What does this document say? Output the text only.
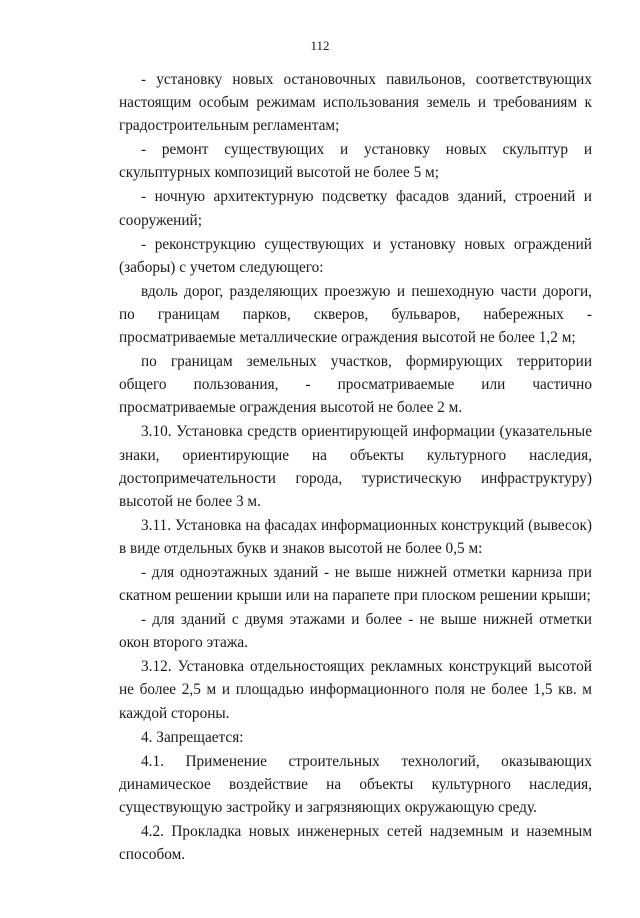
112

- установку новых остановочных павильонов, соответствующих настоящим особым режимам использования земель и требованиям к градостроительным регламентам;

- ремонт существующих и установку новых скульптур и скульптурных композиций высотой не более 5 м;

- ночную архитектурную подсветку фасадов зданий, строений и сооружений;

- реконструкцию существующих и установку новых ограждений (заборы) с учетом следующего:

вдоль дорог, разделяющих проезжую и пешеходную части дороги, по границам парков, скверов, бульваров, набережных - просматриваемые металлические ограждения высотой не более 1,2 м;

по границам земельных участков, формирующих территории общего пользования, - просматриваемые или частично просматриваемые ограждения высотой не более 2 м.

3.10. Установка средств ориентирующей информации (указательные знаки, ориентирующие на объекты культурного наследия, достопримечательности города, туристическую инфраструктуру) высотой не более 3 м.

3.11. Установка на фасадах информационных конструкций (вывесок) в виде отдельных букв и знаков высотой не более 0,5 м:

- для одноэтажных зданий - не выше нижней отметки карниза при скатном решении крыши или на парапете при плоском решении крыши;

- для зданий с двумя этажами и более - не выше нижней отметки окон второго этажа.

3.12. Установка отдельностоящих рекламных конструкций высотой не более 2,5 м и площадью информационного поля не более 1,5 кв. м каждой стороны.

4. Запрещается:

4.1. Применение строительных технологий, оказывающих динамическое воздействие на объекты культурного наследия, существующую застройку и загрязняющих окружающую среду.

4.2. Прокладка новых инженерных сетей надземным и наземным способом.
